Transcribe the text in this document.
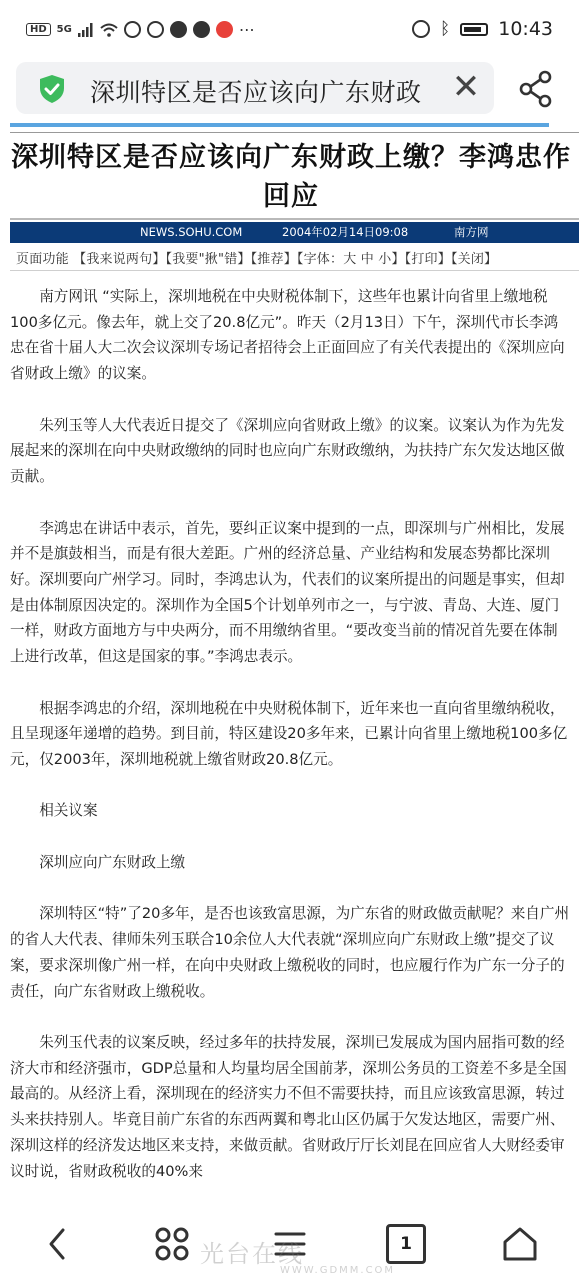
HD	5G	⋯	ᛒ	10:43
深圳特区是否应该向广东财政 ✕
深圳特区是否应该向广东财政上缴？李鸿忠作回应
NEWS.SOHU.COM	2004年02月14日09:08	南方网
页面功能 【我来说两句】【我要"揪"错】【推荐】【字体：大 中 小】【打印】【关闭】

南方网讯 “实际上，深圳地税在中央财税体制下，这些年也累计向省里上缴地税100多亿元。像去年，就上交了20.8亿元”。昨天（2月13日）下午，深圳代市长李鸿忠在省十届人大二次会议深圳专场记者招待会上正面回应了有关代表提出的《深圳应向省财政上缴》的议案。

朱列玉等人大代表近日提交了《深圳应向省财政上缴》的议案。议案认为作为先发展起来的深圳在向中央财政缴纳的同时也应向广东财政缴纳，为扶持广东欠发达地区做贡献。

李鸿忠在讲话中表示，首先，要纠正议案中提到的一点，即深圳与广州相比，发展并不是旗鼓相当，而是有很大差距。广州的经济总量、产业结构和发展态势都比深圳好。深圳要向广州学习。同时，李鸿忠认为，代表们的议案所提出的问题是事实，但却是由体制原因决定的。深圳作为全国5个计划单列市之一，与宁波、青岛、大连、厦门一样，财政方面地方与中央两分，而不用缴纳省里。“要改变当前的情况首先要在体制上进行改革，但这是国家的事。”李鸿忠表示。

根据李鸿忠的介绍，深圳地税在中央财税体制下，近年来也一直向省里缴纳税收，且呈现逐年递增的趋势。到目前，特区建设20多年来，已累计向省里上缴地税100多亿元，仅2003年，深圳地税就上缴省财政20.8亿元。

相关议案

深圳应向广东财政上缴

深圳特区“特”了20多年，是否也该致富思源，为广东省的财政做贡献呢？来自广州的省人大代表、律师朱列玉联合10余位人大代表就“深圳应向广东财政上缴”提交了议案，要求深圳像广州一样，在向中央财政上缴税收的同时，也应履行作为广东一分子的责任，向广东省财政上缴税收。

朱列玉代表的议案反映，经过多年的扶持发展，深圳已发展成为国内屈指可数的经济大市和经济强市，GDP总量和人均量均居全国前茅，深圳公务员的工资差不多是全国最高的。从经济上看，深圳现在的经济实力不但不需要扶持，而且应该致富思源，转过头来扶持别人。毕竟目前广东省的东西两翼和粤北山区仍属于欠发达地区，需要广州、深圳这样的经济发达地区来支持，来做贡献。省财政厅厅长刘昆在回应省人大财经委审议时说，省财政税收的40%来

1
光台在线
WWW.GDMM.COM
